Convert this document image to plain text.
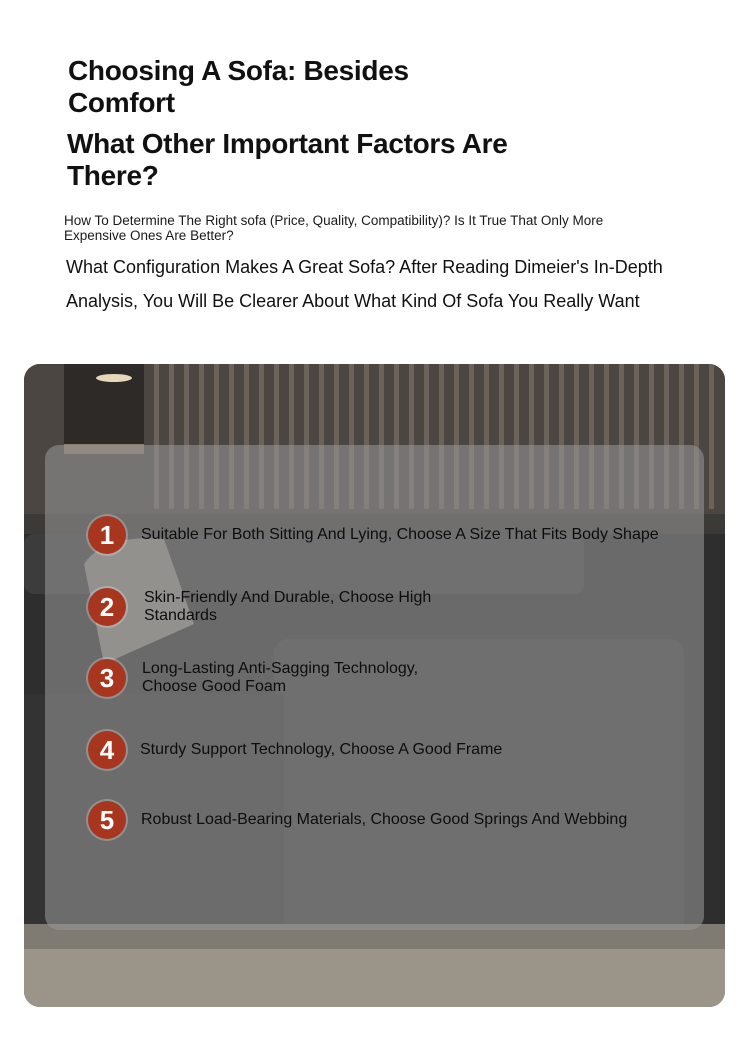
Choosing A Sofa: Besides Comfort
What Other Important Factors Are There?
How To Determine The Right sofa (Price, Quality, Compatibility)? Is It True That Only More Expensive Ones Are Better?
What Configuration Makes A Great Sofa? After Reading Dimeier's In-Depth Analysis, You Will Be Clearer About What Kind Of Sofa You Really Want
1	Suitable For Both Sitting And Lying, Choose A Size That Fits Body Shape
2	Skin-Friendly And Durable, Choose High Standards
3	Long-Lasting Anti-Sagging Technology, Choose Good Foam
4	Sturdy Support Technology, Choose A Good Frame
5	Robust Load-Bearing Materials, Choose Good Springs And Webbing
